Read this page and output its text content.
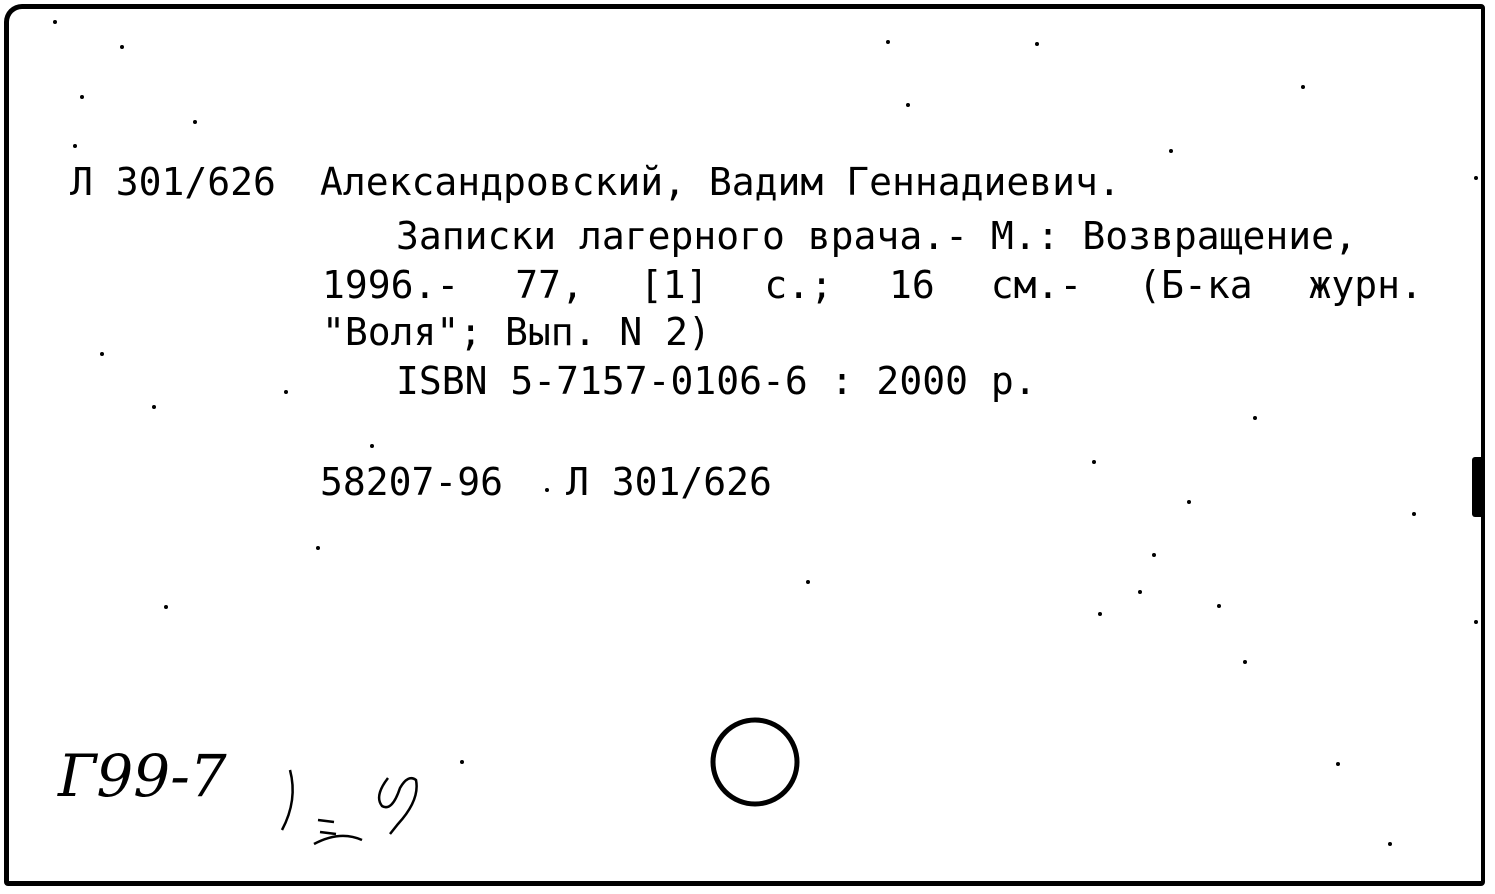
Л 301/626 Александровский, Вадим Геннадиевич.
Записки лагерного врача.- М.: Возвращение,
1996.- 77, [1] с.; 16 см.- (Б-ка журн.
"Воля"; Вып. N 2)
ISBN 5-7157-0106-6 : 2000 р.
58207-96 Л 301/626
Г99-7
